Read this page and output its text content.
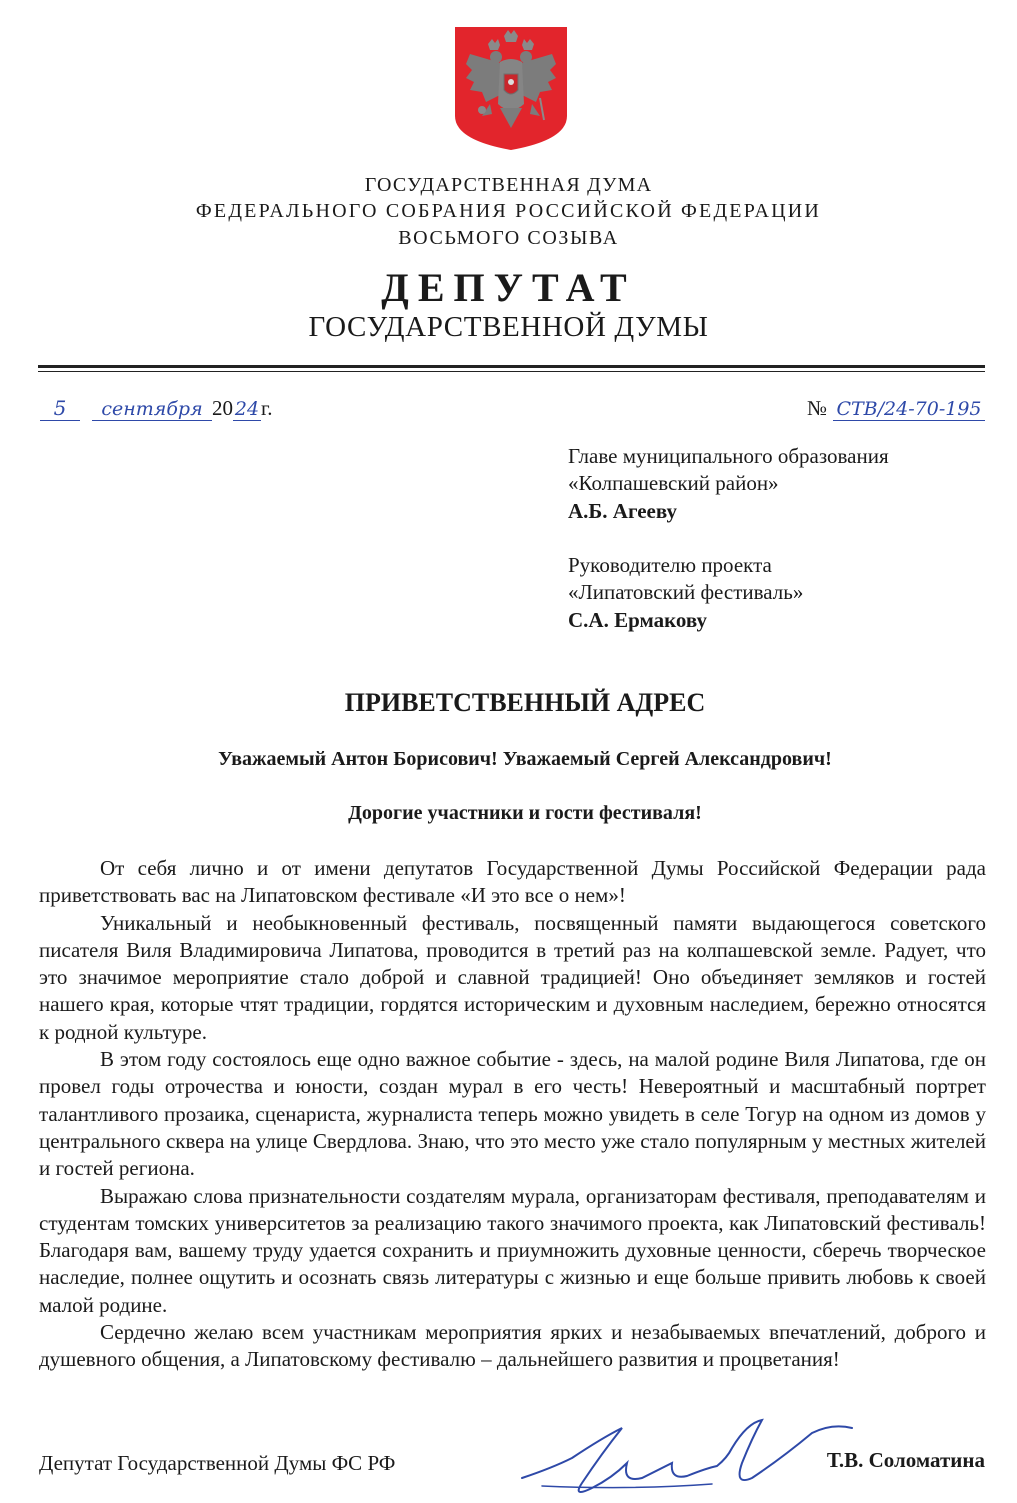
ГОСУДАРСТВЕННАЯ ДУМА
ФЕДЕРАЛЬНОГО СОБРАНИЯ РОССИЙСКОЙ ФЕДЕРАЦИИ
ВОСЬМОГО СОЗЫВА
ДЕПУТАТ
ГОСУДАРСТВЕННОЙ ДУМЫ
5 сентября 20 24г.	№ СТВ/24-70-195
Главе муниципального образования
«Колпашевский район»
А.Б. Агееву
Руководителю проекта
«Липатовский фестиваль»
С.А. Ермакову
ПРИВЕТСТВЕННЫЙ АДРЕС
Уважаемый Антон Борисович! Уважаемый Сергей Александрович!
Дорогие участники и гости фестиваля!

От себя лично и от имени депутатов Государственной Думы Российской Федерации рада приветствовать вас на Липатовском фестивале «И это все о нем»!

Уникальный и необыкновенный фестиваль, посвященный памяти выдающегося советского писателя Виля Владимировича Липатова, проводится в третий раз на колпашевской земле. Радует, что это значимое мероприятие стало доброй и славной традицией! Оно объединяет земляков и гостей нашего края, которые чтят традиции, гордятся историческим и духовным наследием, бережно относятся к родной культуре.

В этом году состоялось еще одно важное событие - здесь, на малой родине Виля Липатова, где он провел годы отрочества и юности, создан мурал в его честь! Невероятный и масштабный портрет талантливого прозаика, сценариста, журналиста теперь можно увидеть в селе Тогур на одном из домов у центрального сквера на улице Свердлова. Знаю, что это место уже стало популярным у местных жителей и гостей региона.

Выражаю слова признательности создателям мурала, организаторам фестиваля, преподавателям и студентам томских университетов за реализацию такого значимого проекта, как Липатовский фестиваль! Благодаря вам, вашему труду удается сохранить и приумножить духовные ценности, сберечь творческое наследие, полнее ощутить и осознать связь литературы с жизнью и еще больше привить любовь к своей малой родине.

Сердечно желаю всем участникам мероприятия ярких и незабываемых впечатлений, доброго и душевного общения, а Липатовскому фестивалю – дальнейшего развития и процветания!

Депутат Государственной Думы ФС РФ	Т.В. Соломатина
